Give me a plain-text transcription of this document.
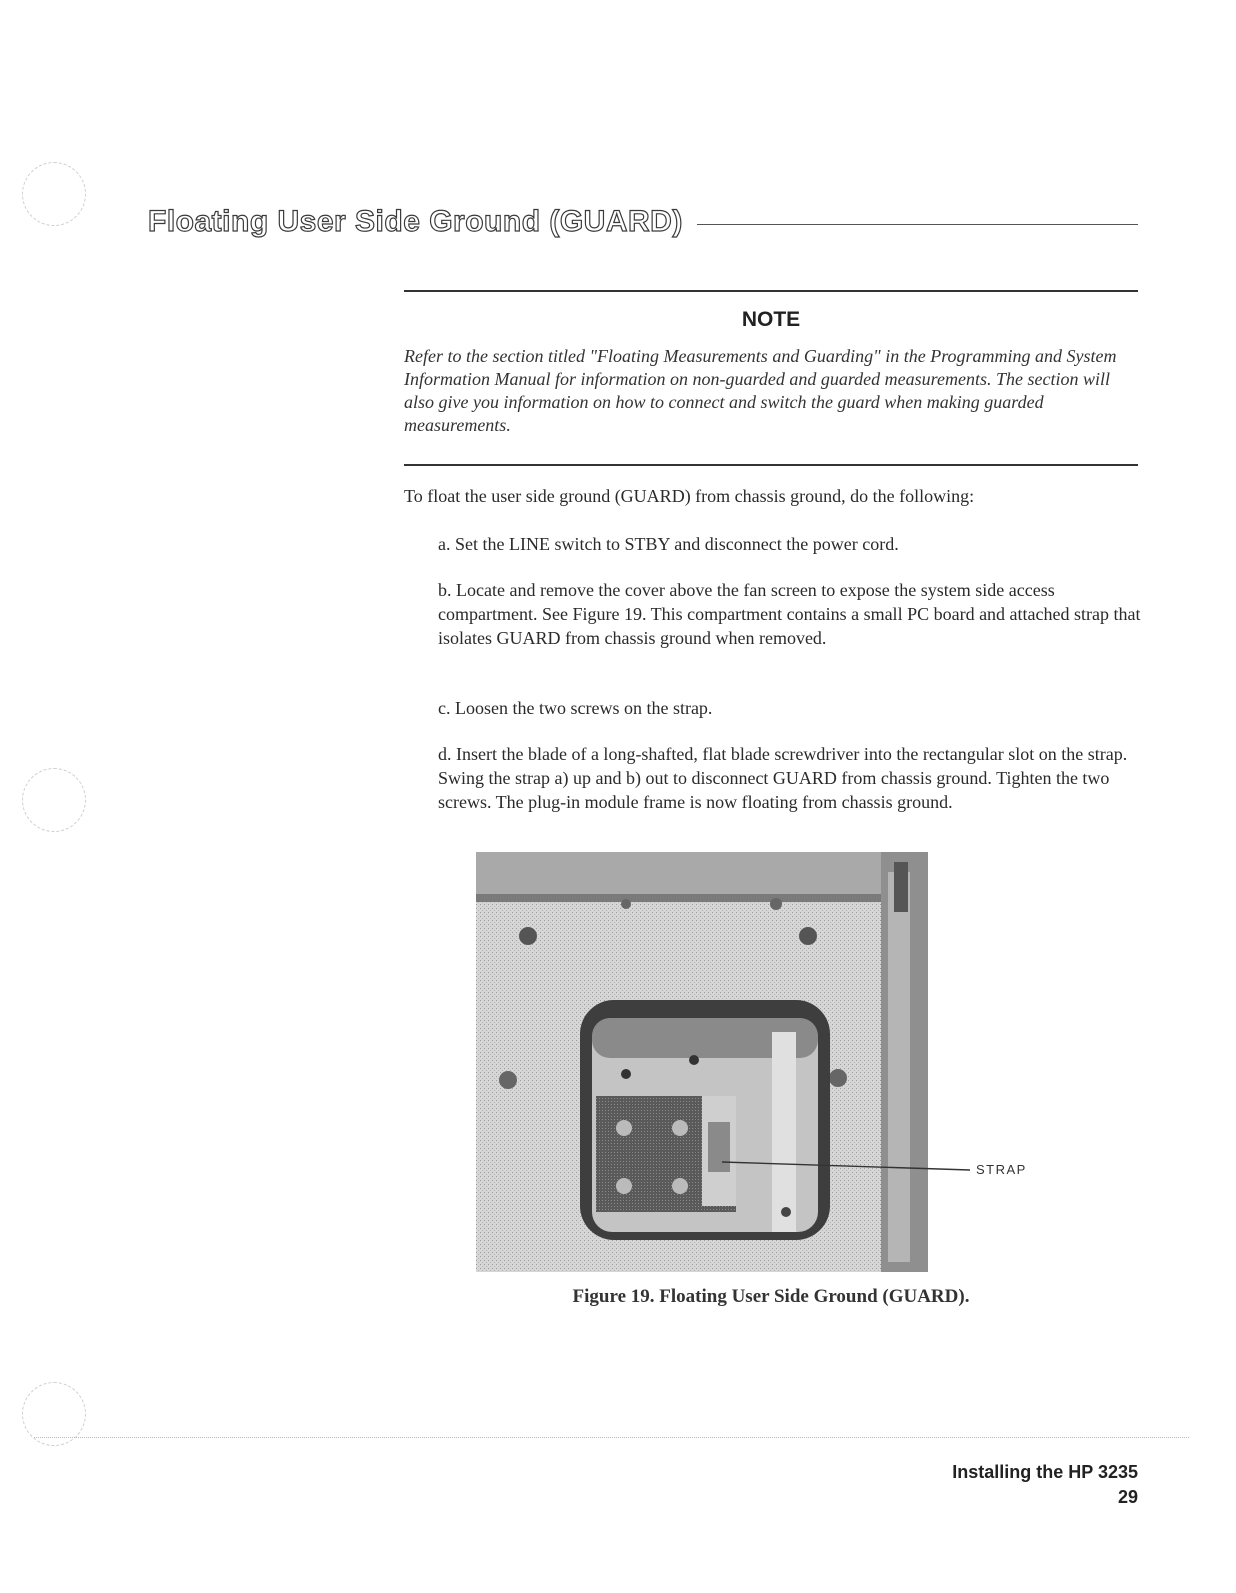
Floating User Side Ground (GUARD)
NOTE

Refer to the section titled "Floating Measurements and Guarding" in the Programming and System Information Manual for information on non-guarded and guarded measurements. The section will also give you information on how to connect and switch the guard when making guarded measurements.

To float the user side ground (GUARD) from chassis ground, do the following:

a. Set the LINE switch to STBY and disconnect the power cord.

b. Locate and remove the cover above the fan screen to expose the system side access compartment. See Figure 19. This compartment contains a small PC board and attached strap that isolates GUARD from chassis ground when removed.

c. Loosen the two screws on the strap.

d. Insert the blade of a long-shafted, flat blade screwdriver into the rectangular slot on the strap. Swing the strap a) up and b) out to disconnect GUARD from chassis ground. Tighten the two screws. The plug-in module frame is now floating from chassis ground.

STRAP
Figure 19. Floating User Side Ground (GUARD).
Installing the HP 3235
29
